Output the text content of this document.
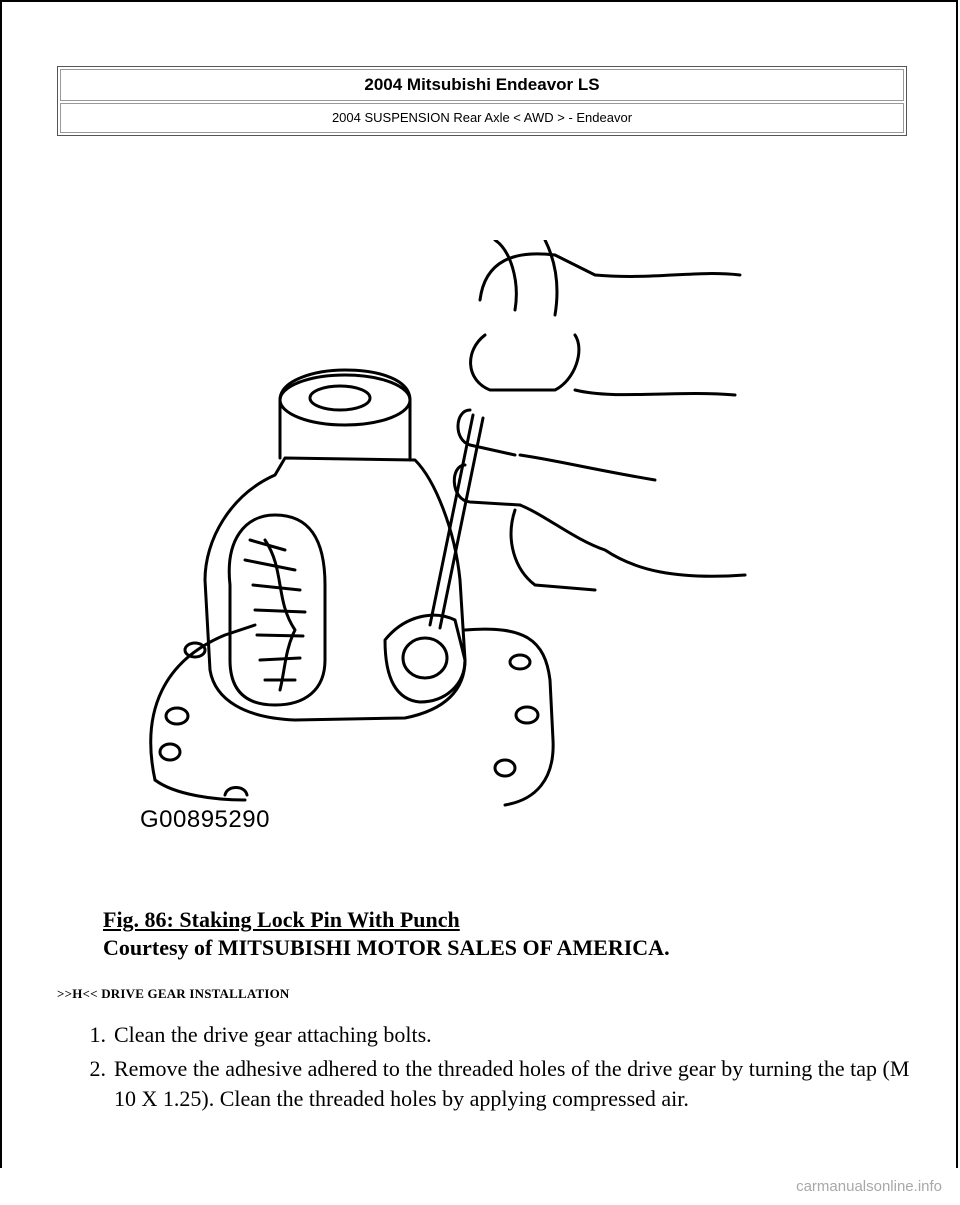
2004 Mitsubishi Endeavor LS
2004 SUSPENSION Rear Axle < AWD > - Endeavor
G00895290
Fig. 86: Staking Lock Pin With Punch
Courtesy of MITSUBISHI MOTOR SALES OF AMERICA.
>>H<< DRIVE GEAR INSTALLATION
1. Clean the drive gear attaching bolts.
2. Remove the adhesive adhered to the threaded holes of the drive gear by turning the tap (M 10 X 1.25). Clean the threaded holes by applying compressed air.
carmanualsonline.info
